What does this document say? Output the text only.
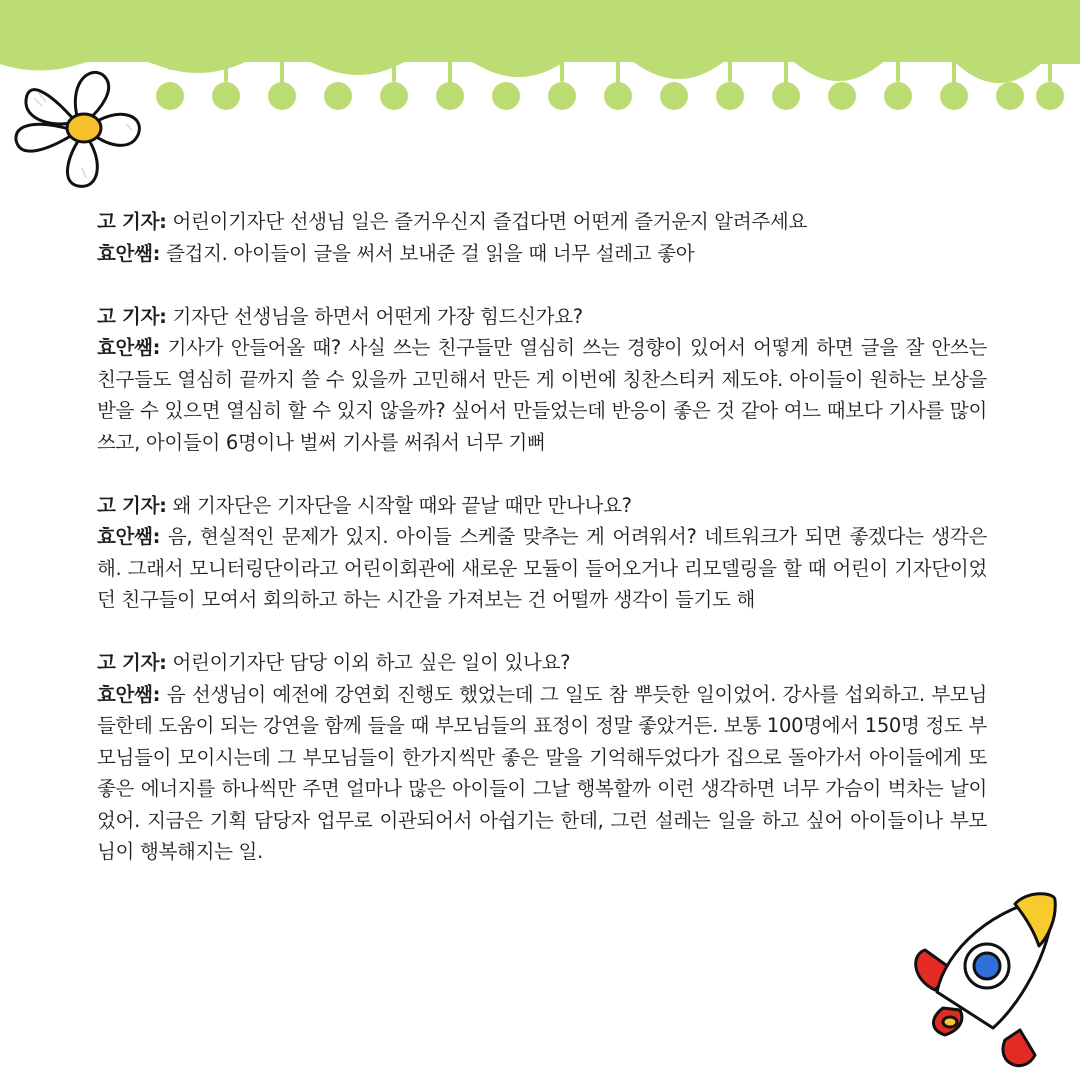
고 기자: 어린이기자단 선생님 일은 즐거우신지 즐겁다면 어떤게 즐거운지 알려주세요

효안쌤: 즐겁지. 아이들이 글을 써서 보내준 걸 읽을 때 너무 설레고 좋아

고 기자: 기자단 선생님을 하면서 어떤게 가장 힘드신가요?

효안쌤: 기사가 안들어올 때? 사실 쓰는 친구들만 열심히 쓰는 경향이 있어서 어떻게 하면 글을 잘 안쓰는 친구들도 열심히 끝까지 쓸 수 있을까 고민해서 만든 게 이번에 칭찬스티커 제도야. 아이들이 원하는 보상을 받을 수 있으면 열심히 할 수 있지 않을까? 싶어서 만들었는데 반응이 좋은 것 같아 여느 때보다 기사를 많이쓰고, 아이들이 6명이나 벌써 기사를 써줘서 너무 기뻐

고 기자: 왜 기자단은 기자단을 시작할 때와 끝날 때만 만나나요?

효안쌤: 음, 현실적인 문제가 있지. 아이들 스케줄 맞추는 게 어려워서? 네트워크가 되면 좋겠다는 생각은 해. 그래서 모니터링단이라고 어린이회관에 새로운 모듈이 들어오거나 리모델링을 할 때 어린이 기자단이었던 친구들이 모여서 회의하고 하는 시간을 가져보는 건 어떨까 생각이 들기도 해

고 기자: 어린이기자단 담당 이외 하고 싶은 일이 있나요?

효안쌤: 음 선생님이 예전에 강연회 진행도 했었는데 그 일도 참 뿌듯한 일이었어. 강사를 섭외하고. 부모님들한테 도움이 되는 강연을 함께 들을 때 부모님들의 표정이 정말 좋았거든. 보통 100명에서 150명 정도 부모님들이 모이시는데 그 부모님들이 한가지씩만 좋은 말을 기억해두었다가 집으로 돌아가서 아이들에게 또 좋은 에너지를 하나씩만 주면 얼마나 많은 아이들이 그날 행복할까 이런 생각하면 너무 가슴이 벅차는 날이었어. 지금은 기획 담당자 업무로 이관되어서 아쉽기는 한데, 그런 설레는 일을 하고 싶어 아이들이나 부모님이 행복해지는 일.
